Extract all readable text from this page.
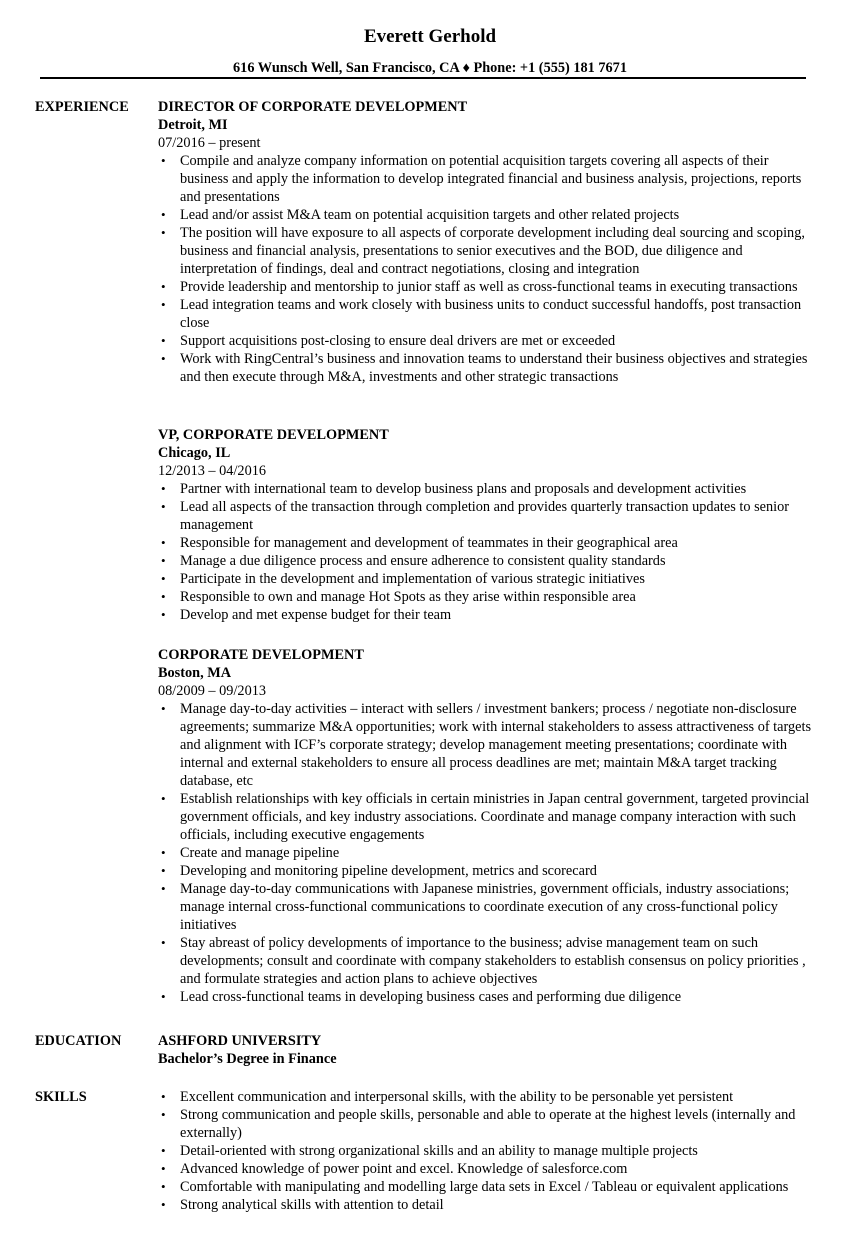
Everett Gerhold
616 Wunsch Well, San Francisco, CA ♦ Phone: +1 (555) 181 7671
EXPERIENCE DIRECTOR OF CORPORATE DEVELOPMENT
Detroit, MI
07/2016 – present
• Compile and analyze company information on potential acquisition targets covering all aspects of their business and apply the information to develop integrated financial and business analysis, projections, reports and presentations
• Lead and/or assist M&A team on potential acquisition targets and other related projects
• The position will have exposure to all aspects of corporate development including deal sourcing and scoping, business and financial analysis, presentations to senior executives and the BOD, due diligence and interpretation of findings, deal and contract negotiations, closing and integration
• Provide leadership and mentorship to junior staff as well as cross-functional teams in executing transactions
• Lead integration teams and work closely with business units to conduct successful handoffs, post transaction close
• Support acquisitions post-closing to ensure deal drivers are met or exceeded
• Work with RingCentral’s business and innovation teams to understand their business objectives and strategies and then execute through M&A, investments and other strategic transactions
VP, CORPORATE DEVELOPMENT
Chicago, IL
12/2013 – 04/2016
• Partner with international team to develop business plans and proposals and development activities
• Lead all aspects of the transaction through completion and provides quarterly transaction updates to senior management
• Responsible for management and development of teammates in their geographical area
• Manage a due diligence process and ensure adherence to consistent quality standards
• Participate in the development and implementation of various strategic initiatives
• Responsible to own and manage Hot Spots as they arise within responsible area
• Develop and met expense budget for their team
CORPORATE DEVELOPMENT
Boston, MA
08/2009 – 09/2013
• Manage day-to-day activities – interact with sellers / investment bankers; process / negotiate non-disclosure agreements; summarize M&A opportunities; work with internal stakeholders to assess attractiveness of targets and alignment with ICF’s corporate strategy; develop management meeting presentations; coordinate with internal and external stakeholders to ensure all process deadlines are met; maintain M&A target tracking database, etc
• Establish relationships with key officials in certain ministries in Japan central government, targeted provincial government officials, and key industry associations. Coordinate and manage company interaction with such officials, including executive engagements
• Create and manage pipeline
• Developing and monitoring pipeline development, metrics and scorecard
• Manage day-to-day communications with Japanese ministries, government officials, industry associations; manage internal cross-functional communications to coordinate execution of any cross-functional policy initiatives
• Stay abreast of policy developments of importance to the business; advise management team on such developments; consult and coordinate with company stakeholders to establish consensus on policy priorities , and formulate strategies and action plans to achieve objectives
• Lead cross-functional teams in developing business cases and performing due diligence
EDUCATION	ASHFORD UNIVERSITY
Bachelor’s Degree in Finance
SKILLS
•	Excellent communication and interpersonal skills, with the ability to be personable yet persistent
• Strong communication and people skills, personable and able to operate at the highest levels (internally and externally)
• Detail-oriented with strong organizational skills and an ability to manage multiple projects
• Advanced knowledge of power point and excel. Knowledge of salesforce.com
• Comfortable with manipulating and modelling large data sets in Excel / Tableau or equivalent applications
• Strong analytical skills with attention to detail
